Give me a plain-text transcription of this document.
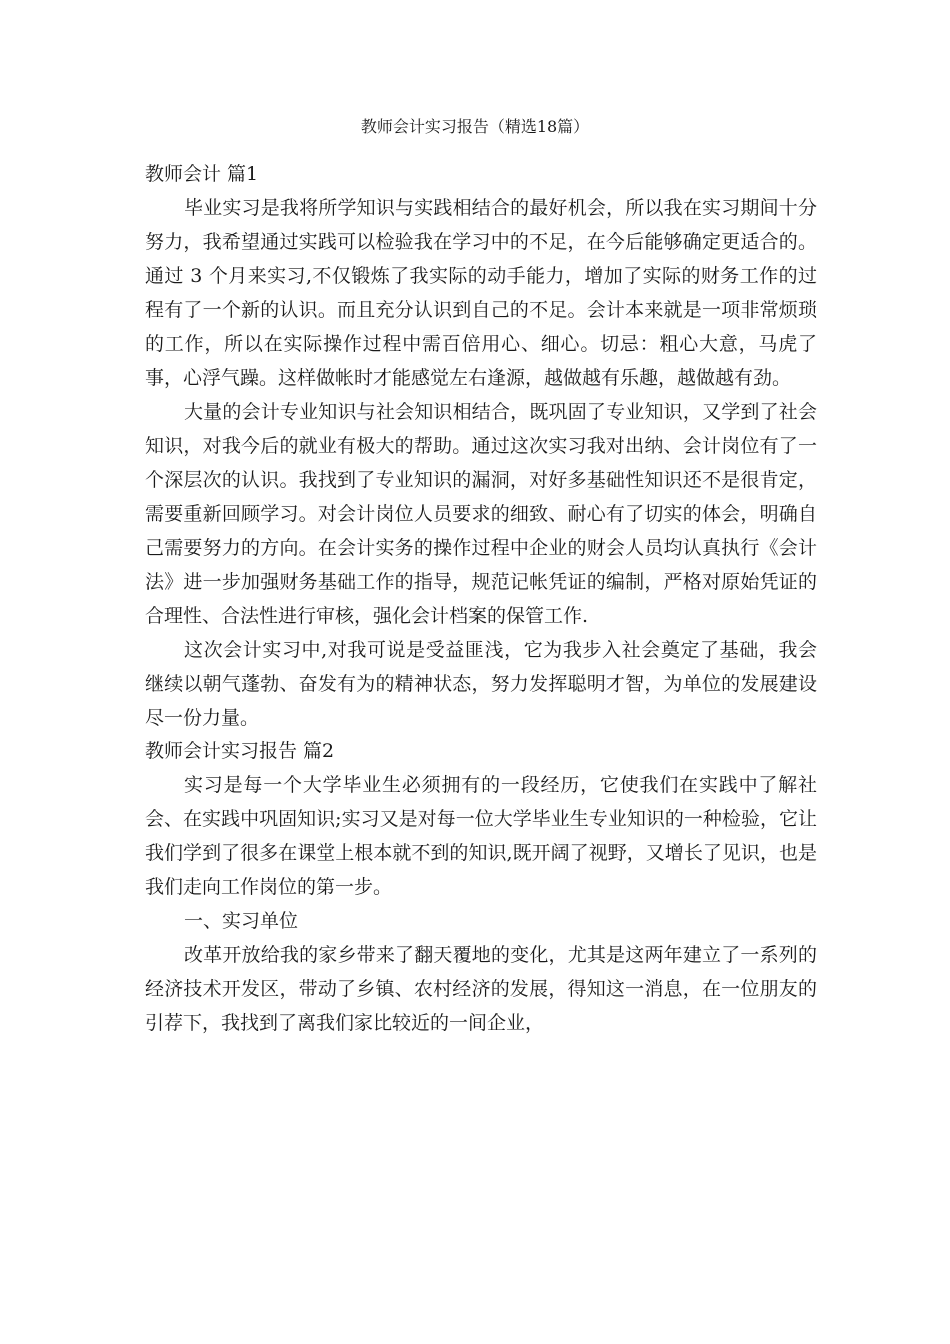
教师会计实习报告（精选18篇）
教师会计 篇1

毕业实习是我将所学知识与实践相结合的最好机会，所以我在实习期间十分努力，我希望通过实践可以检验我在学习中的不足，在今后能够确定更适合的。通过 3 个月来实习,不仅锻炼了我实际的动手能力，增加了实际的财务工作的过程有了一个新的认识。而且充分认识到自己的不足。会计本来就是一项非常烦琐的工作，所以在实际操作过程中需百倍用心、细心。切忌：粗心大意，马虎了事，心浮气躁。这样做帐时才能感觉左右逢源，越做越有乐趣，越做越有劲。

大量的会计专业知识与社会知识相结合，既巩固了专业知识，又学到了社会知识，对我今后的就业有极大的帮助。通过这次实习我对出纳、会计岗位有了一个深层次的认识。我找到了专业知识的漏洞，对好多基础性知识还不是很肯定，需要重新回顾学习。对会计岗位人员要求的细致、耐心有了切实的体会，明确自己需要努力的方向。在会计实务的操作过程中企业的财会人员均认真执行《会计法》进一步加强财务基础工作的指导，规范记帐凭证的编制，严格对原始凭证的合理性、合法性进行审核，强化会计档案的保管工作.

这次会计实习中,对我可说是受益匪浅，它为我步入社会奠定了基础，我会继续以朝气蓬勃、奋发有为的精神状态，努力发挥聪明才智，为单位的发展建设尽一份力量。

教师会计实习报告 篇2

实习是每一个大学毕业生必须拥有的一段经历，它使我们在实践中了解社会、在实践中巩固知识;实习又是对每一位大学毕业生专业知识的一种检验，它让我们学到了很多在课堂上根本就不到的知识,既开阔了视野，又增长了见识，也是我们走向工作岗位的第一步。

一、实习单位

改革开放给我的家乡带来了翻天覆地的变化，尤其是这两年建立了一系列的经济技术开发区，带动了乡镇、农村经济的发展，得知这一消息，在一位朋友的引荐下，我找到了离我们家比较近的一间企业，
